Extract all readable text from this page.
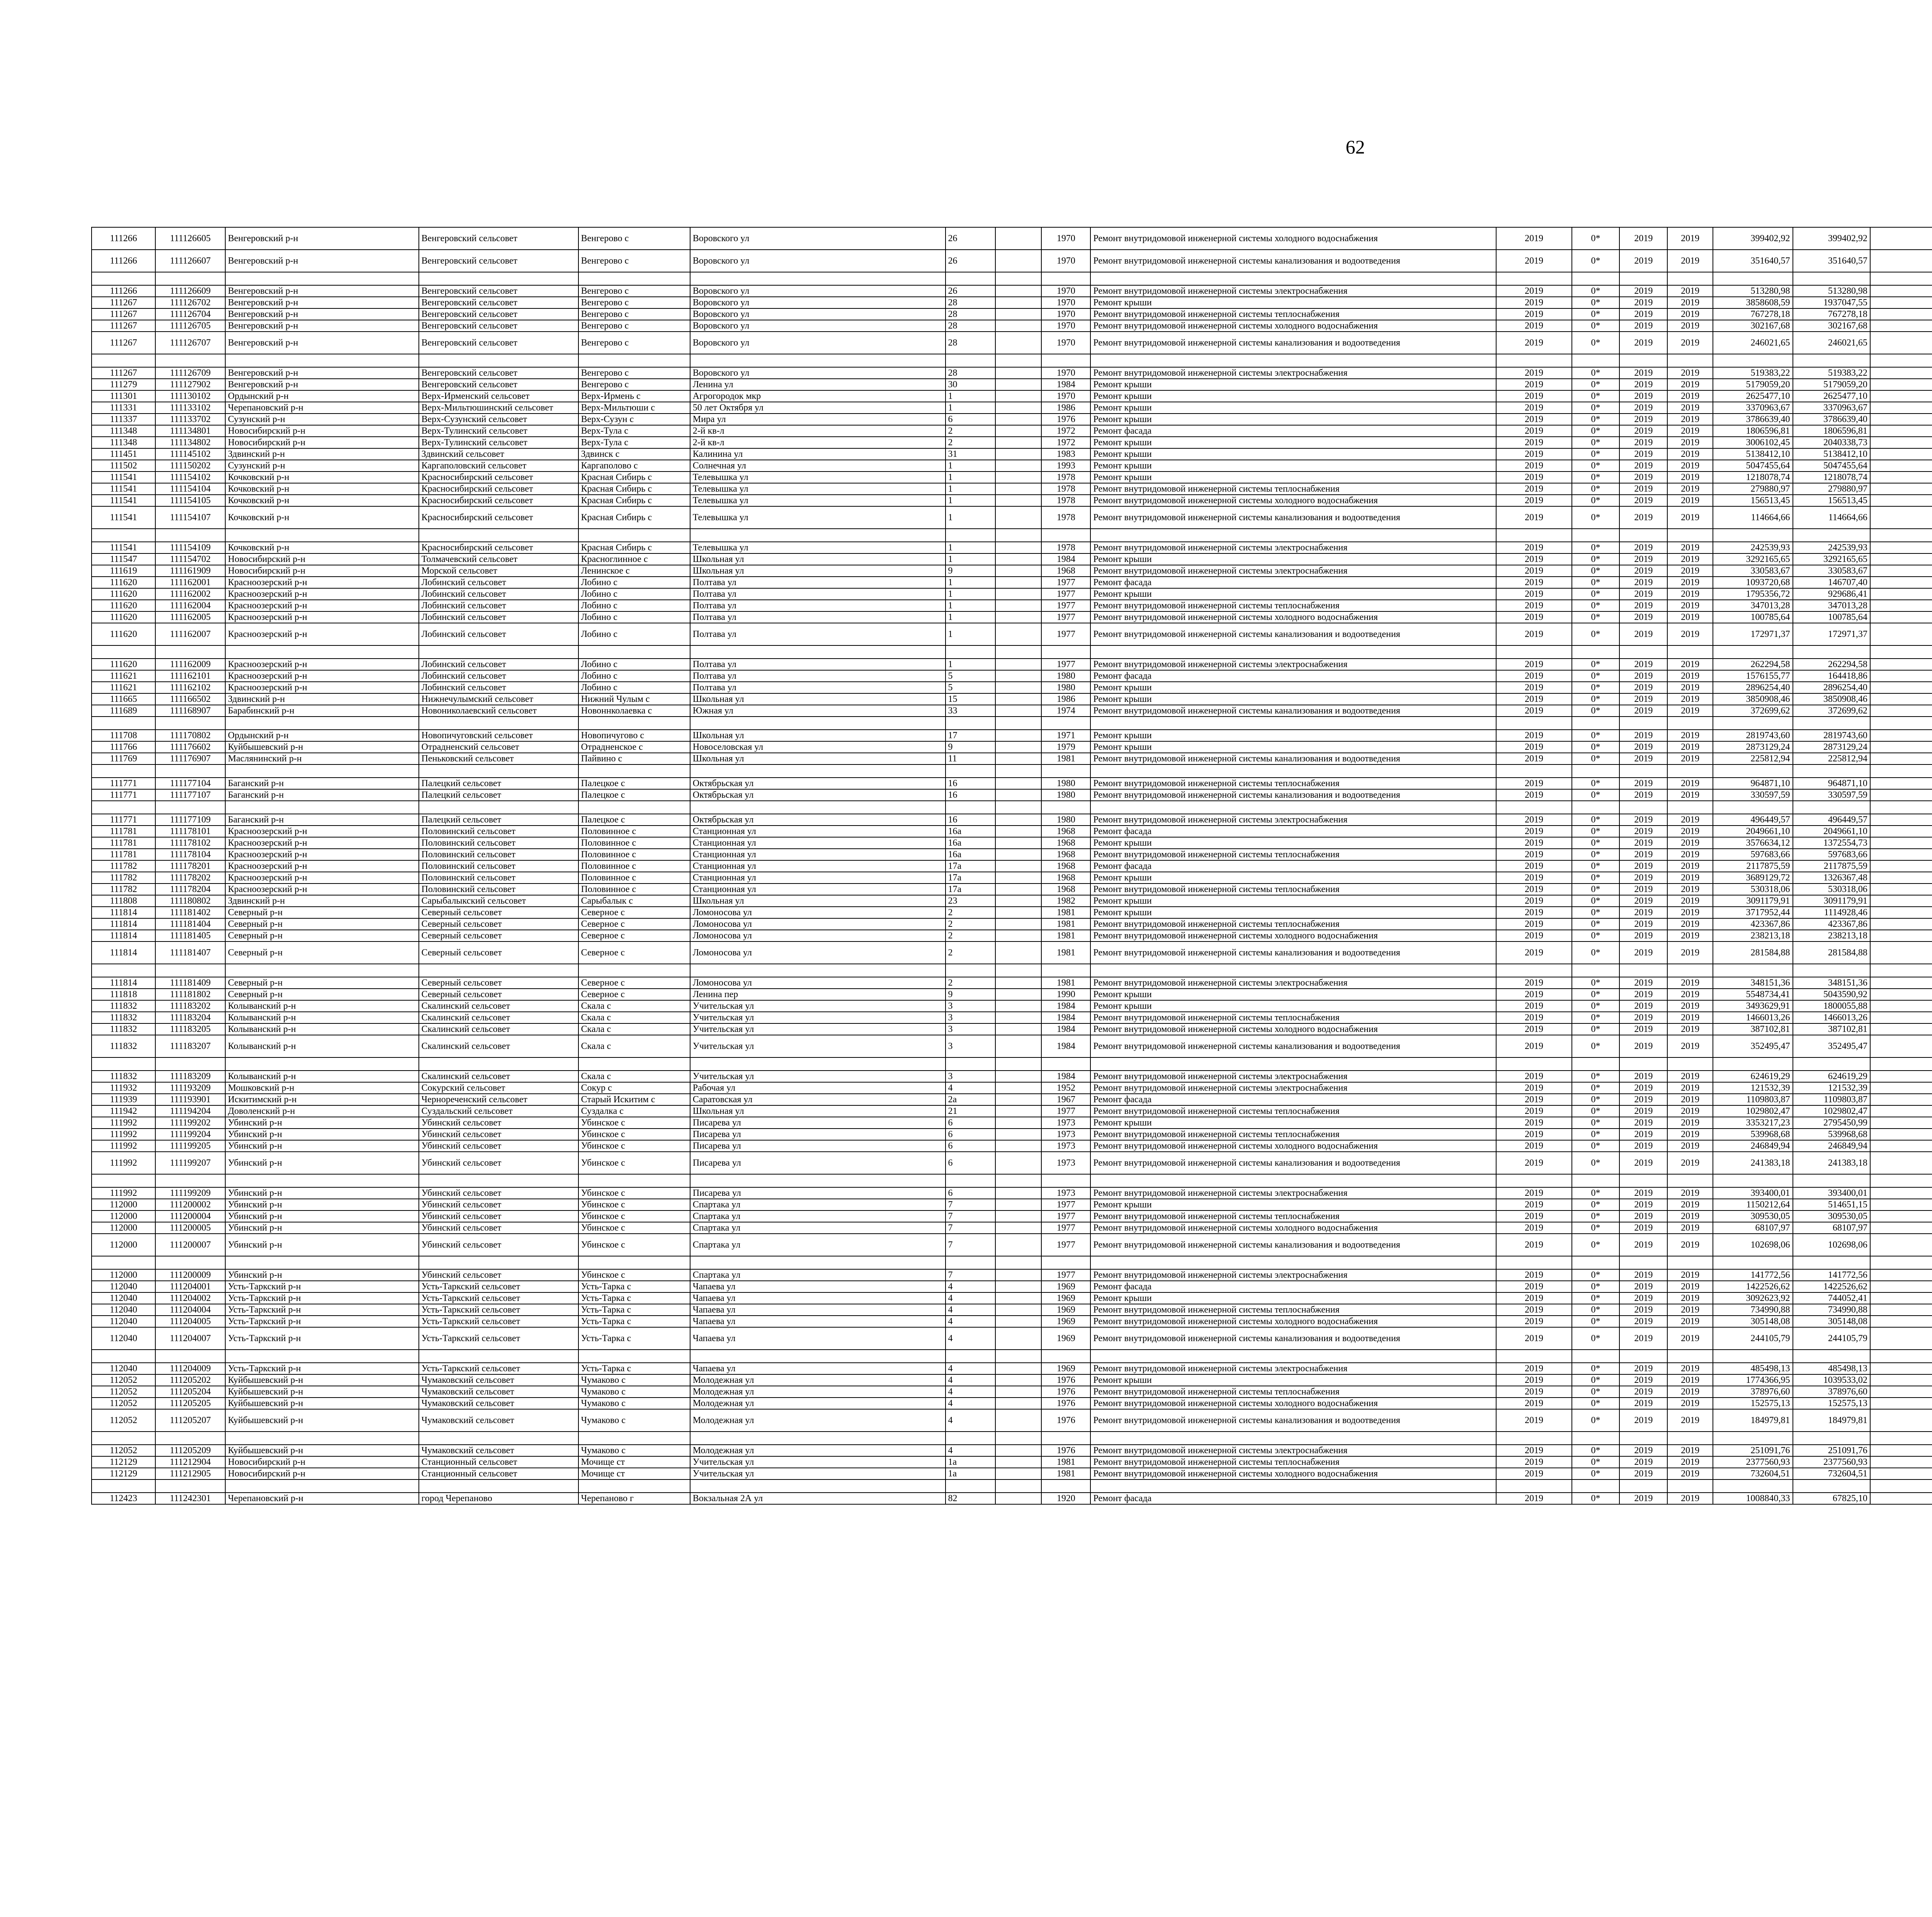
62
111266	111126605	Венгеровский р-н	Венгеровский сельсовет	Венгерово с	Воровского ул	26		1970	Ремонт внутридомовой инженерной системы холодного водоснабжения	2019	0*	2019	2019	399402,92	399402,92						
111266	111126607	Венгеровский р-н	Венгеровский сельсовет	Венгерово с	Воровского ул	26		1970	Ремонт внутридомовой инженерной системы канализования и водоотведения	2019	0*	2019	2019	351640,57	351640,57						

111266	111126609	Венгеровский р-н	Венгеровский сельсовет	Венгерово с	Воровского ул	26		1970	Ремонт внутридомовой инженерной системы электроснабжения	2019	0*	2019	2019	513280,98	513280,98						
111267	111126702	Венгеровский р-н	Венгеровский сельсовет	Венгерово с	Воровского ул	28		1970	Ремонт крыши	2019	0*	2019	2019	3858608,59	1937047,55						
111267	111126704	Венгеровский р-н	Венгеровский сельсовет	Венгерово с	Воровского ул	28		1970	Ремонт внутридомовой инженерной системы теплоснабжения	2019	0*	2019	2019	767278,18	767278,18						
111267	111126705	Венгеровский р-н	Венгеровский сельсовет	Венгерово с	Воровского ул	28		1970	Ремонт внутридомовой инженерной системы холодного водоснабжения	2019	0*	2019	2019	302167,68	302167,68						
111267	111126707	Венгеровский р-н	Венгеровский сельсовет	Венгерово с	Воровского ул	28		1970	Ремонт внутридомовой инженерной системы канализования и водоотведения	2019	0*	2019	2019	246021,65	246021,65						

111267	111126709	Венгеровский р-н	Венгеровский сельсовет	Венгерово с	Воровского ул	28		1970	Ремонт внутридомовой инженерной системы электроснабжения	2019	0*	2019	2019	519383,22	519383,22						
111279	111127902	Венгеровский р-н	Венгеровский сельсовет	Венгерово с	Ленина ул	30		1984	Ремонт крыши	2019	0*	2019	2019	5179059,20	5179059,20						
111301	111130102	Ордынский р-н	Верх-Ирменский сельсовет	Верх-Ирмень с	Агрогородок мкр	1		1970	Ремонт крыши	2019	0*	2019	2019	2625477,10	2625477,10						
111331	111133102	Черепановский р-н	Верх-Мильтюшинский сельсовет	Верх-Мильтюши с	50 лет Октября ул	1		1986	Ремонт крыши	2019	0*	2019	2019	3370963,67	3370963,67						
111337	111133702	Сузунский р-н	Верх-Сузунский сельсовет	Верх-Сузун с	Мира ул	6		1976	Ремонт крыши	2019	0*	2019	2019	3786639,40	3786639,40						
111348	111134801	Новосибирский р-н	Верх-Тулинский сельсовет	Верх-Тула с	2-й кв-л	2		1972	Ремонт фасада	2019	0*	2019	2019	1806596,81	1806596,81						
111348	111134802	Новосибирский р-н	Верх-Тулинский сельсовет	Верх-Тула с	2-й кв-л	2		1972	Ремонт крыши	2019	0*	2019	2019	3006102,45	2040338,73						
111451	111145102	Здвинский р-н	Здвинский сельсовет	Здвинск с	Калинина ул	31		1983	Ремонт крыши	2019	0*	2019	2019	5138412,10	5138412,10						
111502	111150202	Сузунский р-н	Каргаполовский сельсовет	Каргаполово с	Солнечная ул	1		1993	Ремонт крыши	2019	0*	2019	2019	5047455,64	5047455,64						
111541	111154102	Кочковский р-н	Красносибирский сельсовет	Красная Сибирь с	Телевышка ул	1		1978	Ремонт крыши	2019	0*	2019	2019	1218078,74	1218078,74						
111541	111154104	Кочковский р-н	Красносибирский сельсовет	Красная Сибирь с	Телевышка ул	1		1978	Ремонт внутридомовой инженерной системы теплоснабжения	2019	0*	2019	2019	279880,97	279880,97						
111541	111154105	Кочковский р-н	Красносибирский сельсовет	Красная Сибирь с	Телевышка ул	1		1978	Ремонт внутридомовой инженерной системы холодного водоснабжения	2019	0*	2019	2019	156513,45	156513,45						
111541	111154107	Кочковский р-н	Красносибирский сельсовет	Красная Сибирь с	Телевышка ул	1		1978	Ремонт внутридомовой инженерной системы канализования и водоотведения	2019	0*	2019	2019	114664,66	114664,66						

111541	111154109	Кочковский р-н	Красносибирский сельсовет	Красная Сибирь с	Телевышка ул	1		1978	Ремонт внутридомовой инженерной системы электроснабжения	2019	0*	2019	2019	242539,93	242539,93						
111547	111154702	Новосибирский р-н	Толмачевский сельсовет	Красноглинное с	Школьная ул	1		1984	Ремонт крыши	2019	0*	2019	2019	3292165,65	3292165,65						
111619	111161909	Новосибирский р-н	Морской сельсовет	Ленинское с	Школьная ул	9		1968	Ремонт внутридомовой инженерной системы электроснабжения	2019	0*	2019	2019	330583,67	330583,67						
111620	111162001	Красноозерский р-н	Лобинский сельсовет	Лобино с	Полтава ул	1		1977	Ремонт фасада	2019	0*	2019	2019	1093720,68	146707,40						
111620	111162002	Красноозерский р-н	Лобинский сельсовет	Лобино с	Полтава ул	1		1977	Ремонт крыши	2019	0*	2019	2019	1795356,72	929686,41						
111620	111162004	Красноозерский р-н	Лобинский сельсовет	Лобино с	Полтава ул	1		1977	Ремонт внутридомовой инженерной системы теплоснабжения	2019	0*	2019	2019	347013,28	347013,28						
111620	111162005	Красноозерский р-н	Лобинский сельсовет	Лобино с	Полтава ул	1		1977	Ремонт внутридомовой инженерной системы холодного водоснабжения	2019	0*	2019	2019	100785,64	100785,64						
111620	111162007	Красноозерский р-н	Лобинский сельсовет	Лобино с	Полтава ул	1		1977	Ремонт внутридомовой инженерной системы канализования и водоотведения	2019	0*	2019	2019	172971,37	172971,37						

111620	111162009	Красноозерский р-н	Лобинский сельсовет	Лобино с	Полтава ул	1		1977	Ремонт внутридомовой инженерной системы электроснабжения	2019	0*	2019	2019	262294,58	262294,58						
111621	111162101	Красноозерский р-н	Лобинский сельсовет	Лобино с	Полтава ул	5		1980	Ремонт фасада	2019	0*	2019	2019	1576155,77	164418,86						
111621	111162102	Красноозерский р-н	Лобинский сельсовет	Лобино с	Полтава ул	5		1980	Ремонт крыши	2019	0*	2019	2019	2896254,40	2896254,40						
111665	111166502	Здвинский р-н	Нижнечулымский сельсовет	Нижний Чулым с	Школьная ул	15		1986	Ремонт крыши	2019	0*	2019	2019	3850908,46	3850908,46						
111689	111168907	Барабинский р-н	Новониколаевский сельсовет	Новоннколаевка с	Южная ул	33		1974	Ремонт внутридомовой инженерной системы канализования и водоотведения	2019	0*	2019	2019	372699,62	372699,62						

111708	111170802	Ордынский р-н	Новопичуговский сельсовет	Новопичугово с	Школьная ул	17		1971	Ремонт крыши	2019	0*	2019	2019	2819743,60	2819743,60						
111766	111176602	Куйбышевский р-н	Отрадненский сельсовет	Отрадненское с	Новоселовская ул	9		1979	Ремонт крыши	2019	0*	2019	2019	2873129,24	2873129,24						
111769	111176907	Маслянинский р-н	Пеньковский сельсовет	Пайвино с	Школьная ул	11		1981	Ремонт внутридомовой инженерной системы канализования и водоотведения	2019	0*	2019	2019	225812,94	225812,94						

111771	111177104	Баганский р-н	Палецкий сельсовет	Палецкое с	Октябрьская ул	16		1980	Ремонт внутридомовой инженерной системы теплоснабжения	2019	0*	2019	2019	964871,10	964871,10						
111771	111177107	Баганский р-н	Палецкий сельсовет	Палецкое с	Октябрьская ул	16		1980	Ремонт внутридомовой инженерной системы канализования и водоотведения	2019	0*	2019	2019	330597,59	330597,59						

111771	111177109	Баганский р-н	Палецкий сельсовет	Палецкое с	Октябрьская ул	16		1980	Ремонт внутридомовой инженерной системы электроснабжения	2019	0*	2019	2019	496449,57	496449,57						
111781	111178101	Красноозерский р-н	Половинский сельсовет	Половинное с	Станционная ул	16а		1968	Ремонт фасада	2019	0*	2019	2019	2049661,10	2049661,10						
111781	111178102	Красноозерский р-н	Половинский сельсовет	Половинное с	Станционная ул	16а		1968	Ремонт крыши	2019	0*	2019	2019	3576634,12	1372554,73						
111781	111178104	Красноозерский р-н	Половинский сельсовет	Половинное с	Станционная ул	16а		1968	Ремонт внутридомовой инженерной системы теплоснабжения	2019	0*	2019	2019	597683,66	597683,66						
111782	111178201	Красноозерский р-н	Половинский сельсовет	Половинное с	Станционная ул	17а		1968	Ремонт фасада	2019	0*	2019	2019	2117875,59	2117875,59						
111782	111178202	Красноозерский р-н	Половинский сельсовет	Половинное с	Станционная ул	17а		1968	Ремонт крыши	2019	0*	2019	2019	3689129,72	1326367,48						
111782	111178204	Красноозерский р-н	Половинский сельсовет	Половинное с	Станционная ул	17а		1968	Ремонт внутридомовой инженерной системы теплоснабжения	2019	0*	2019	2019	530318,06	530318,06						
111808	111180802	Здвинский р-н	Сарыбалыкский сельсовет	Сарыбалык с	Школьная ул	23		1982	Ремонт крыши	2019	0*	2019	2019	3091179,91	3091179,91						
111814	111181402	Северный р-н	Северный сельсовет	Северное с	Ломоносова ул	2		1981	Ремонт крыши	2019	0*	2019	2019	3717952,44	1114928,46						
111814	111181404	Северный р-н	Северный сельсовет	Северное с	Ломоносова ул	2		1981	Ремонт внутридомовой инженерной системы теплоснабжения	2019	0*	2019	2019	423367,86	423367,86						
111814	111181405	Северный р-н	Северный сельсовет	Северное с	Ломоносова ул	2		1981	Ремонт внутридомовой инженерной системы холодного водоснабжения	2019	0*	2019	2019	238213,18	238213,18						
111814	111181407	Северный р-н	Северный сельсовет	Северное с	Ломоносова ул	2		1981	Ремонт внутридомовой инженерной системы канализования и водоотведения	2019	0*	2019	2019	281584,88	281584,88						

111814	111181409	Северный р-н	Северный сельсовет	Северное с	Ломоносова ул	2		1981	Ремонт внутридомовой инженерной системы электроснабжения	2019	0*	2019	2019	348151,36	348151,36						
111818	111181802	Северный р-н	Северный сельсовет	Северное с	Ленина пер	9		1990	Ремонт крыши	2019	0*	2019	2019	5548734,41	5043590,92						
111832	111183202	Колыванский р-н	Скалинский сельсовет	Скала с	Учительская ул	3		1984	Ремонт крыши	2019	0*	2019	2019	3493629,91	1800055,88						
111832	111183204	Колыванский р-н	Скалинский сельсовет	Скала с	Учительская ул	3		1984	Ремонт внутридомовой инженерной системы теплоснабжения	2019	0*	2019	2019	1466013,26	1466013,26						
111832	111183205	Колыванский р-н	Скалинский сельсовет	Скала с	Учительская ул	3		1984	Ремонт внутридомовой инженерной системы холодного водоснабжения	2019	0*	2019	2019	387102,81	387102,81						
111832	111183207	Колыванский р-н	Скалинский сельсовет	Скала с	Учительская ул	3		1984	Ремонт внутридомовой инженерной системы канализования и водоотведения	2019	0*	2019	2019	352495,47	352495,47						

111832	111183209	Колыванский р-н	Скалинский сельсовет	Скала с	Учительская ул	3		1984	Ремонт внутридомовой инженерной системы электроснабжения	2019	0*	2019	2019	624619,29	624619,29						
111932	111193209	Мошковский р-н	Сокурский сельсовет	Сокур с	Рабочая ул	4		1952	Ремонт внутридомовой инженерной системы электроснабжения	2019	0*	2019	2019	121532,39	121532,39						
111939	111193901	Искитимский р-н	Чернореченский сельсовет	Старый Искитим с	Саратовская ул	2а		1967	Ремонт фасада	2019	0*	2019	2019	1109803,87	1109803,87						
111942	111194204	Доволенский р-н	Суздальский сельсовет	Суздалка с	Школьная ул	21		1977	Ремонт внутридомовой инженерной системы теплоснабжения	2019	0*	2019	2019	1029802,47	1029802,47						
111992	111199202	Убинский р-н	Убинский сельсовет	Убинское с	Писарева ул	6		1973	Ремонт крыши	2019	0*	2019	2019	3353217,23	2795450,99						
111992	111199204	Убинский р-н	Убинский сельсовет	Убинское с	Писарева ул	6		1973	Ремонт внутридомовой инженерной системы теплоснабжения	2019	0*	2019	2019	539968,68	539968,68						
111992	111199205	Убинский р-н	Убинский сельсовет	Убинское с	Писарева ул	6		1973	Ремонт внутридомовой инженерной системы холодного водоснабжения	2019	0*	2019	2019	246849,94	246849,94						
111992	111199207	Убинский р-н	Убинский сельсовет	Убинское с	Писарева ул	6		1973	Ремонт внутридомовой инженерной системы канализования и водоотведения	2019	0*	2019	2019	241383,18	241383,18						

111992	111199209	Убинский р-н	Убинский сельсовет	Убинское с	Писарева ул	6		1973	Ремонт внутридомовой инженерной системы электроснабжения	2019	0*	2019	2019	393400,01	393400,01						
112000	111200002	Убинский р-н	Убинский сельсовет	Убинское с	Спартака ул	7		1977	Ремонт крыши	2019	0*	2019	2019	1150212,64	514651,15						
112000	111200004	Убинский р-н	Убинский сельсовет	Убинское с	Спартака ул	7		1977	Ремонт внутридомовой инженерной системы теплоснабжения	2019	0*	2019	2019	309530,05	309530,05						
112000	111200005	Убинский р-н	Убинский сельсовет	Убинское с	Спартака ул	7		1977	Ремонт внутридомовой инженерной системы холодного водоснабжения	2019	0*	2019	2019	68107,97	68107,97						
112000	111200007	Убинский р-н	Убинский сельсовет	Убинское с	Спартака ул	7		1977	Ремонт внутридомовой инженерной системы канализования и водоотведения	2019	0*	2019	2019	102698,06	102698,06						

112000	111200009	Убинский р-н	Убинский сельсовет	Убинское с	Спартака ул	7		1977	Ремонт внутридомовой инженерной системы электроснабжения	2019	0*	2019	2019	141772,56	141772,56						
112040	111204001	Усть-Таркский р-н	Усть-Таркский сельсовет	Усть-Тарка с	Чапаева ул	4		1969	Ремонт фасада	2019	0*	2019	2019	1422526,62	1422526,62						
112040	111204002	Усть-Таркский р-н	Усть-Таркский сельсовет	Усть-Тарка с	Чапаева ул	4		1969	Ремонт крыши	2019	0*	2019	2019	3092623,92	744052,41						
112040	111204004	Усть-Таркский р-н	Усть-Таркский сельсовет	Усть-Тарка с	Чапаева ул	4		1969	Ремонт внутридомовой инженерной системы теплоснабжения	2019	0*	2019	2019	734990,88	734990,88						
112040	111204005	Усть-Таркский р-н	Усть-Таркский сельсовет	Усть-Тарка с	Чапаева ул	4		1969	Ремонт внутридомовой инженерной системы холодного водоснабжения	2019	0*	2019	2019	305148,08	305148,08						
112040	111204007	Усть-Таркский р-н	Усть-Таркский сельсовет	Усть-Тарка с	Чапаева ул	4		1969	Ремонт внутридомовой инженерной системы канализования и водоотведения	2019	0*	2019	2019	244105,79	244105,79						

112040	111204009	Усть-Таркский р-н	Усть-Таркский сельсовет	Усть-Тарка с	Чапаева ул	4		1969	Ремонт внутридомовой инженерной системы электроснабжения	2019	0*	2019	2019	485498,13	485498,13						
112052	111205202	Куйбышевский р-н	Чумаковский сельсовет	Чумаково с	Молодежная ул	4		1976	Ремонт крыши	2019	0*	2019	2019	1774366,95	1039533,02						
112052	111205204	Куйбышевский р-н	Чумаковский сельсовет	Чумаково с	Молодежная ул	4		1976	Ремонт внутридомовой инженерной системы теплоснабжения	2019	0*	2019	2019	378976,60	378976,60						
112052	111205205	Куйбышевский р-н	Чумаковский сельсовет	Чумаково с	Молодежная ул	4		1976	Ремонт внутридомовой инженерной системы холодного водоснабжения	2019	0*	2019	2019	152575,13	152575,13						
112052	111205207	Куйбышевский р-н	Чумаковский сельсовет	Чумаково с	Молодежная ул	4		1976	Ремонт внутридомовой инженерной системы канализования и водоотведения	2019	0*	2019	2019	184979,81	184979,81						

112052	111205209	Куйбышевский р-н	Чумаковский сельсовет	Чумаково с	Молодежная ул	4		1976	Ремонт внутридомовой инженерной системы электроснабжения	2019	0*	2019	2019	251091,76	251091,76						
112129	111212904	Новосибирский р-н	Станционный сельсовет	Мочище ст	Учительская ул	1а		1981	Ремонт внутридомовой инженерной системы теплоснабжения	2019	0*	2019	2019	2377560,93	2377560,93						
112129	111212905	Новосибирский р-н	Станционный сельсовет	Мочище ст	Учительская ул	1а		1981	Ремонт внутридомовой инженерной системы холодного водоснабжения	2019	0*	2019	2019	732604,51	732604,51						

112423	111242301	Черепановский р-н	город Черепаново	Черепаново г	Вокзальная 2А ул	82		1920	Ремонт фасада	2019	0*	2019	2019	1008840,33	67825,10						
